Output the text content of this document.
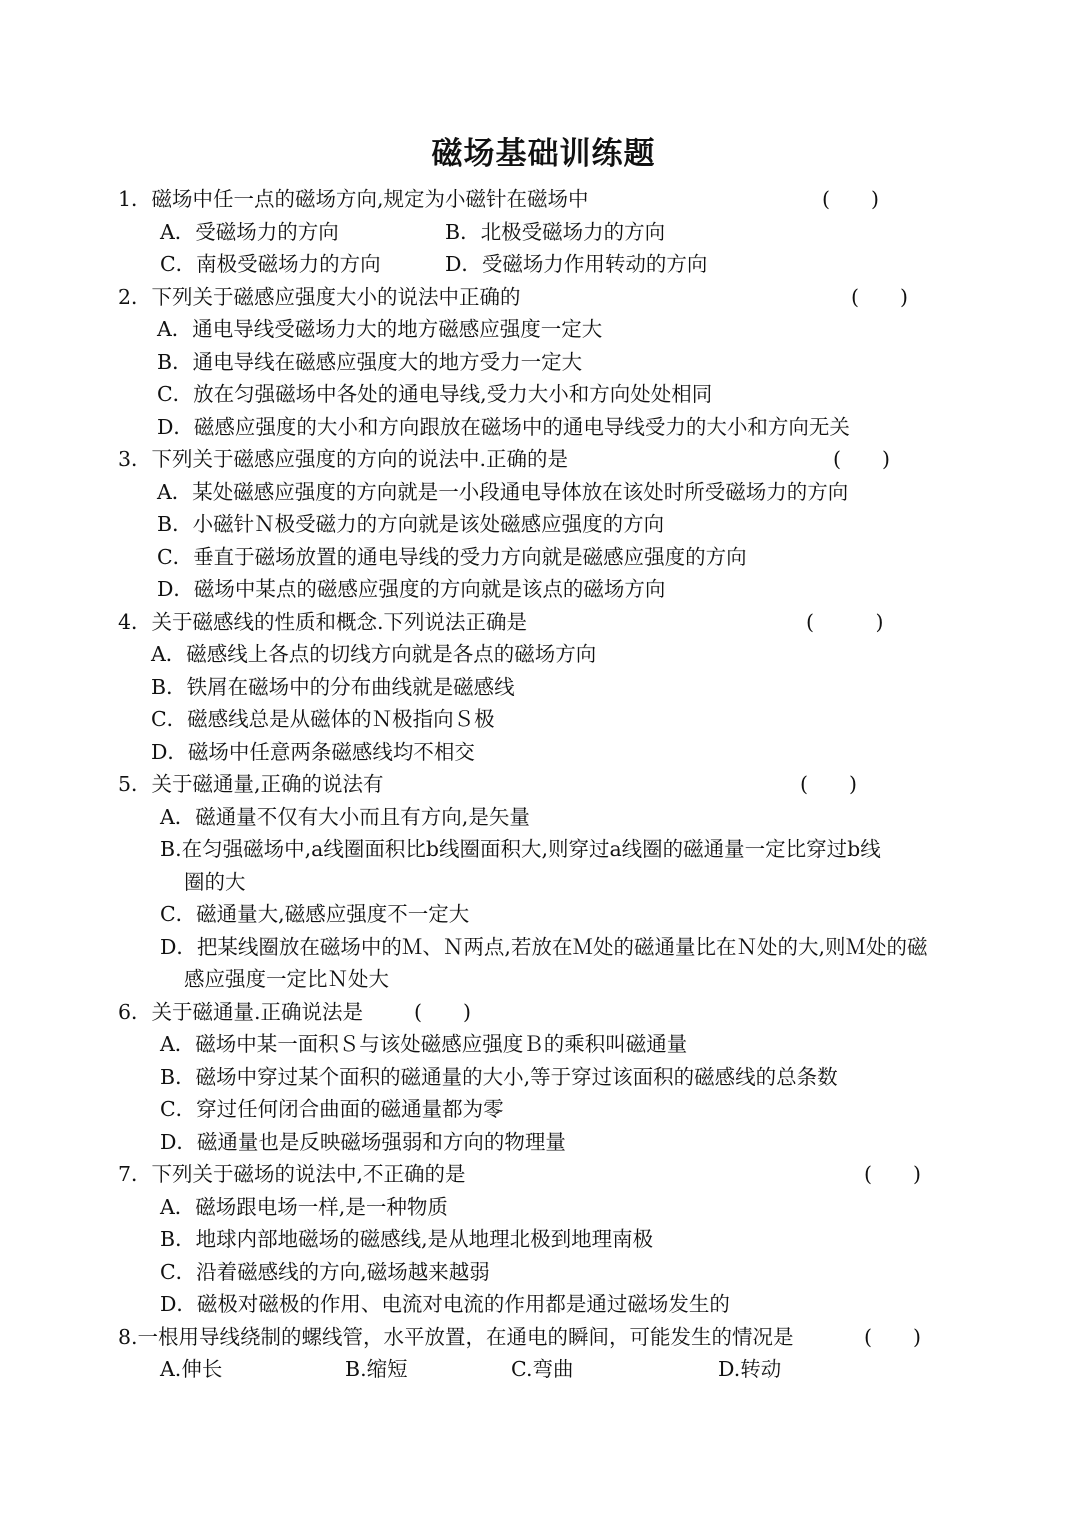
磁场基础训练题
1．磁场中任一点的磁场方向,规定为小磁针在磁场中	(　　)
A．受磁场力的方向	B．北极受磁场力的方向
C．南极受磁场力的方向	D．受磁场力作用转动的方向
2．下列关于磁感应强度大小的说法中正确的	(　　)
A．通电导线受磁场力大的地方磁感应强度一定大
B．通电导线在磁感应强度大的地方受力一定大
C．放在匀强磁场中各处的通电导线,受力大小和方向处处相同
D．磁感应强度的大小和方向跟放在磁场中的通电导线受力的大小和方向无关
3．下列关于磁感应强度的方向的说法中.正确的是	(　　)
A．某处磁感应强度的方向就是一小段通电导体放在该处时所受磁场力的方向
B．小磁针Ｎ极受磁力的方向就是该处磁感应强度的方向
C．垂直于磁场放置的通电导线的受力方向就是磁感应强度的方向
D．磁场中某点的磁感应强度的方向就是该点的磁场方向
4．关于磁感线的性质和概念.下列说法正确是	(　　　)
A．磁感线上各点的切线方向就是各点的磁场方向
B．铁屑在磁场中的分布曲线就是磁感线
C．磁感线总是从磁体的Ｎ极指向Ｓ极
D．磁场中任意两条磁感线均不相交
5．关于磁通量,正确的说法有	(　　)
A．磁通量不仅有大小而且有方向,是矢量
B.在匀强磁场中,a线圈面积比b线圈面积大,则穿过a线圈的磁通量一定比穿过b线
圈的大
C．磁通量大,磁感应强度不一定大
D．把某线圈放在磁场中的Ｍ、Ｎ两点,若放在Ｍ处的磁通量比在Ｎ处的大,则Ｍ处的磁
感应强度一定比Ｎ处大
6．关于磁通量.正确说法是 (　　)
A．磁场中某一面积Ｓ与该处磁感应强度Ｂ的乘积叫磁通量
B．磁场中穿过某个面积的磁通量的大小,等于穿过该面积的磁感线的总条数
C．穿过任何闭合曲面的磁通量都为零
D．磁通量也是反映磁场强弱和方向的物理量
7．下列关于磁场的说法中,不正确的是	(　　)
A．磁场跟电场一样,是一种物质
B．地球内部地磁场的磁感线,是从地理北极到地理南极
C．沿着磁感线的方向,磁场越来越弱
D．磁极对磁极的作用、电流对电流的作用都是通过磁场发生的
8.一根用导线绕制的螺线管，水平放置，在通电的瞬间，可能发生的情况是	(　　)
A.伸长	B.缩短	C.弯曲	D.转动
